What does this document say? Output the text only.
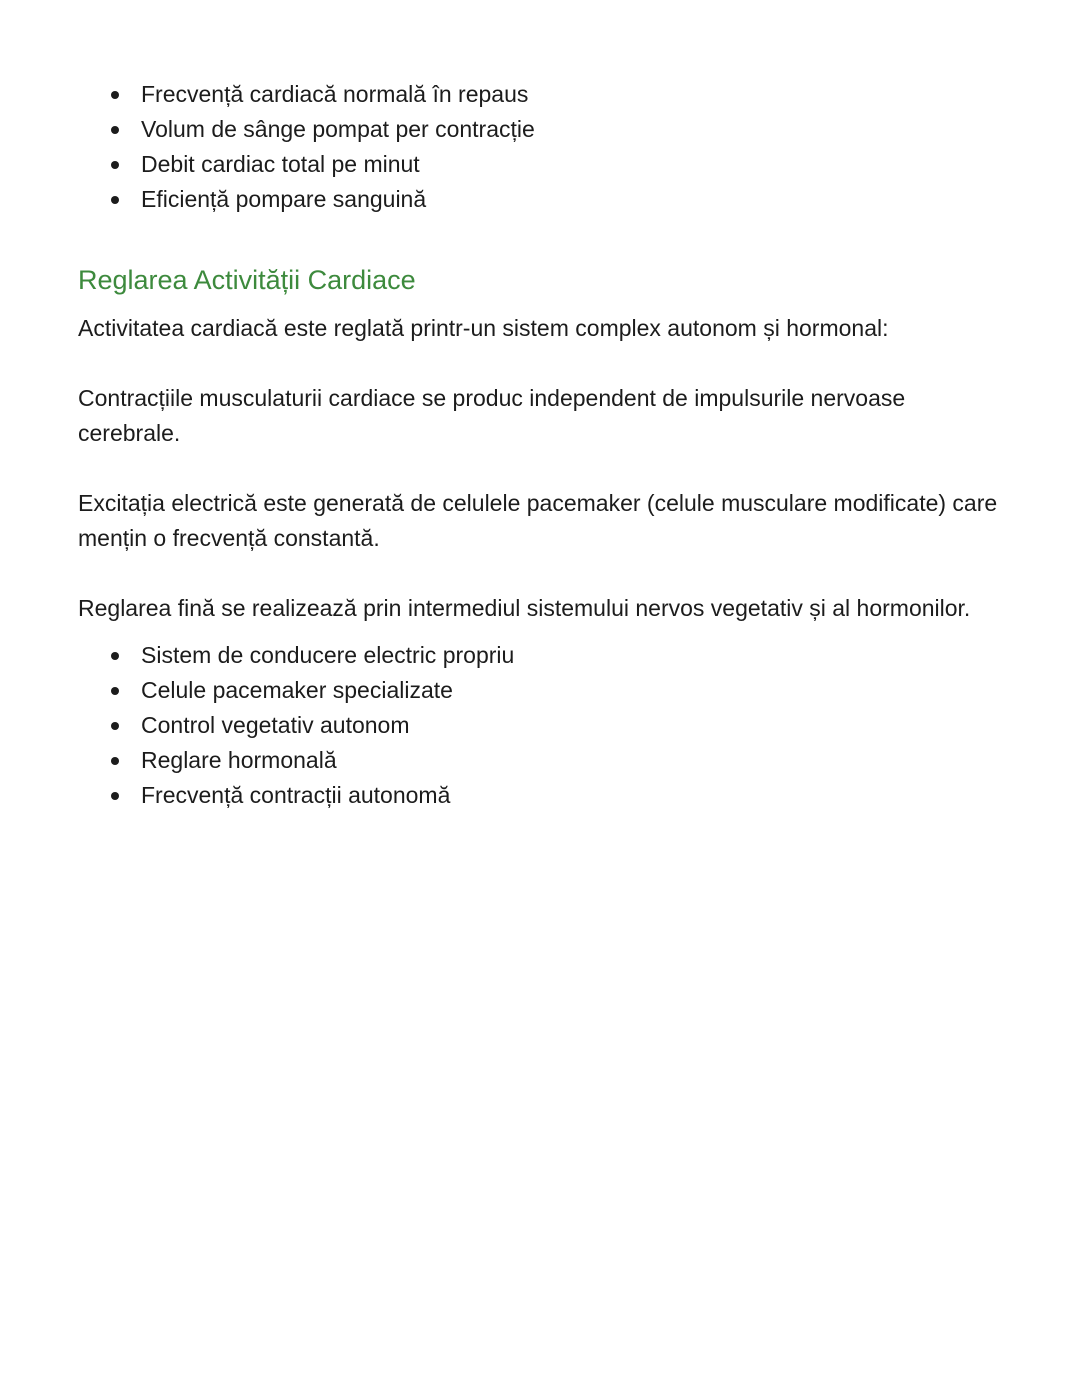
Frecvență cardiacă normală în repaus
Volum de sânge pompat per contracție
Debit cardiac total pe minut
Eficiență pompare sanguină
Reglarea Activității Cardiace

Activitatea cardiacă este reglată printr-un sistem complex autonom și hormonal:

Contracțiile musculaturii cardiace se produc independent de impulsurile nervoase cerebrale.

Excitația electrică este generată de celulele pacemaker (celule musculare modificate) care mențin o frecvență constantă.

Reglarea fină se realizează prin intermediul sistemului nervos vegetativ și al hormonilor.

Sistem de conducere electric propriu
Celule pacemaker specializate
Control vegetativ autonom
Reglare hormonală
Frecvență contracții autonomă
